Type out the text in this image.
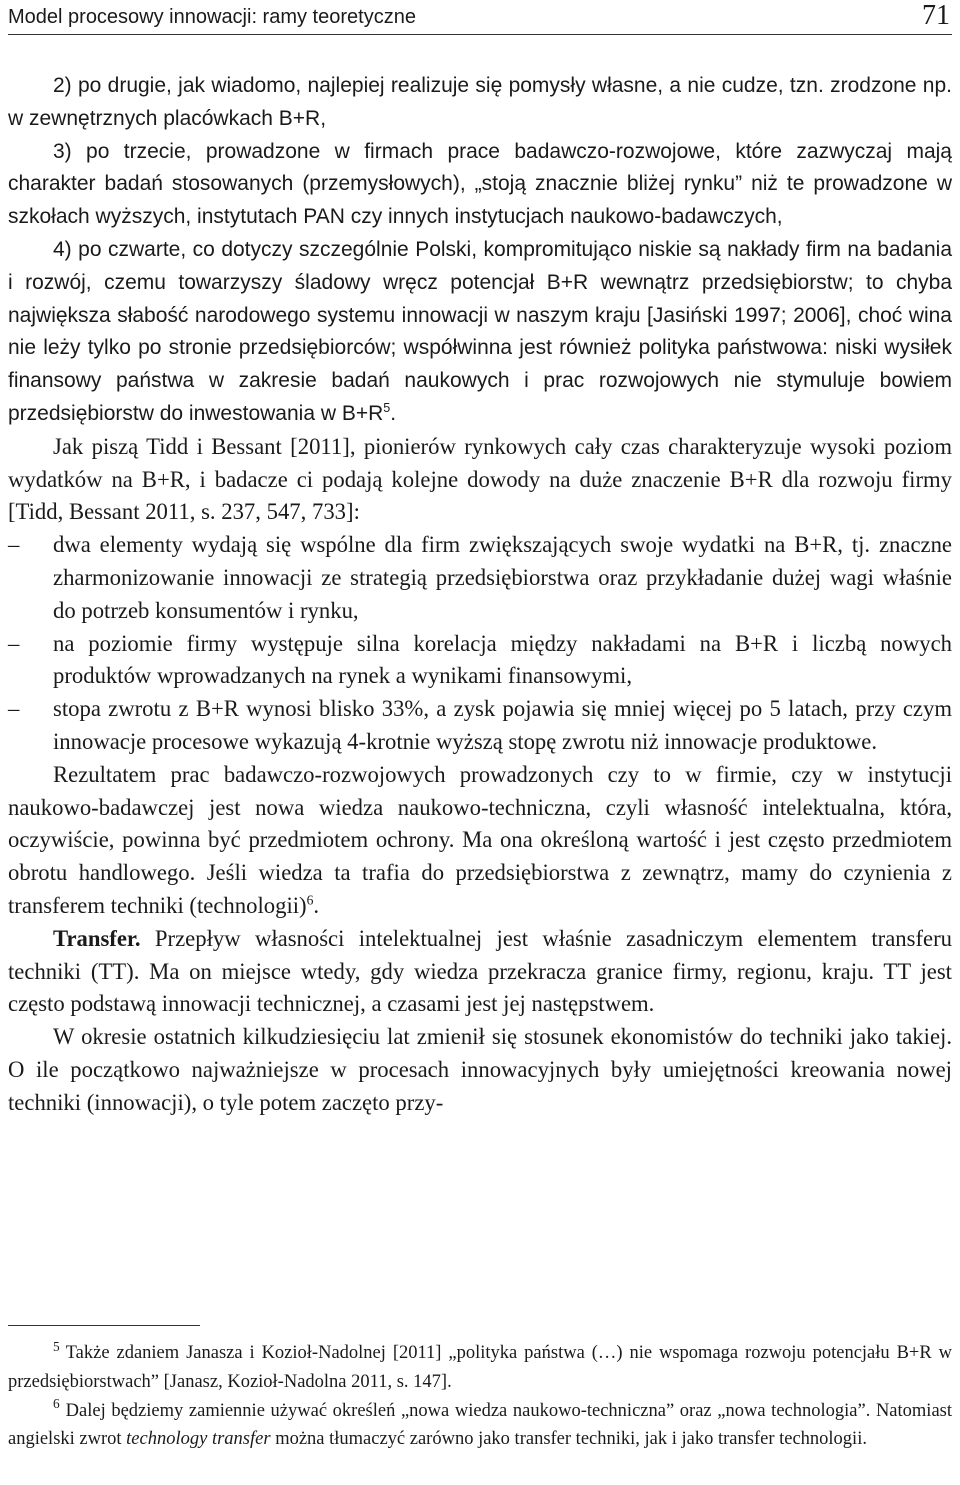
Model procesowy innowacji: ramy teoretyczne	71

2) po drugie, jak wiadomo, najlepiej realizuje się pomysły własne, a nie cudze, tzn. zrodzone np. w zewnętrznych placówkach B+R,

3) po trzecie, prowadzone w firmach prace badawczo-rozwojowe, które zazwyczaj mają charakter badań stosowanych (przemysłowych), „stoją znacznie bliżej rynku” niż te prowadzone w szkołach wyższych, instytutach PAN czy innych instytucjach naukowo-badawczych,

4) po czwarte, co dotyczy szczególnie Polski, kompromitująco niskie są nakłady firm na badania i rozwój, czemu towarzyszy śladowy wręcz potencjał B+R wewnątrz przedsiębiorstw; to chyba największa słabość narodowego systemu innowacji w naszym kraju [Jasiński 1997; 2006], choć wina nie leży tylko po stronie przedsiębiorców; współwinna jest również polityka państwowa: niski wysiłek finansowy państwa w zakresie badań naukowych i prac rozwojowych nie stymuluje bowiem przedsiębiorstw do inwestowania w $B+R^5$.

Jak piszą Tidd i Bessant [2011], pionierów rynkowych cały czas charakteryzuje wysoki poziom wydatków na B+R, i badacze ci podają kolejne dowody na duże znaczenie B+R dla rozwoju firmy [Tidd, Bessant 2011, s. 237, 547, 733]:

– dwa elementy wydają się wspólne dla firm zwiększających swoje wydatki na B+R, tj. znaczne zharmonizowanie innowacji ze strategią przedsiębiorstwa oraz przykładanie dużej wagi właśnie do potrzeb konsumentów i rynku,

– na poziomie firmy występuje silna korelacja między nakładami na B+R i liczbą nowych produktów wprowadzanych na rynek a wynikami finansowymi,

– stopa zwrotu z B+R wynosi blisko 33%, a zysk pojawia się mniej więcej po 5 latach, przy czym innowacje procesowe wykazują 4-krotnie wyższą stopę zwrotu niż innowacje produktowe.

Rezultatem prac badawczo-rozwojowych prowadzonych czy to w firmie, czy w instytucji naukowo-badawczej jest nowa wiedza naukowo-techniczna, czyli własność intelektualna, która, oczywiście, powinna być przedmiotem ochrony. Ma ona określoną wartość i jest często przedmiotem obrotu handlowego. Jeśli wiedza ta trafia do przedsiębiorstwa z zewnątrz, mamy do czynienia z transferem techniki (technologii)$^6$.

Transfer. Przepływ własności intelektualnej jest właśnie zasadniczym elementem transferu techniki (TT). Ma on miejsce wtedy, gdy wiedza przekracza granice firmy, regionu, kraju. TT jest często podstawą innowacji technicznej, a czasami jest jej następstwem.

W okresie ostatnich kilkudziesięciu lat zmienił się stosunek ekonomistów do techniki jako takiej. O ile początkowo najważniejsze w procesach innowacyjnych były umiejętności kreowania nowej techniki (innowacji), o tyle potem zaczęto przy-

$^5$ Także zdaniem Janasza i Kozioł-Nadolnej [2011] „polityka państwa (…) nie wspomaga rozwoju potencjału B+R w przedsiębiorstwach” [Janasz, Kozioł-Nadolna 2011, s. 147].

$^6$ Dalej będziemy zamiennie używać określeń „nowa wiedza naukowo-techniczna” oraz „nowa technologia”. Natomiast angielski zwrot technology transfer można tłumaczyć zarówno jako transfer techniki, jak i jako transfer technologii.
